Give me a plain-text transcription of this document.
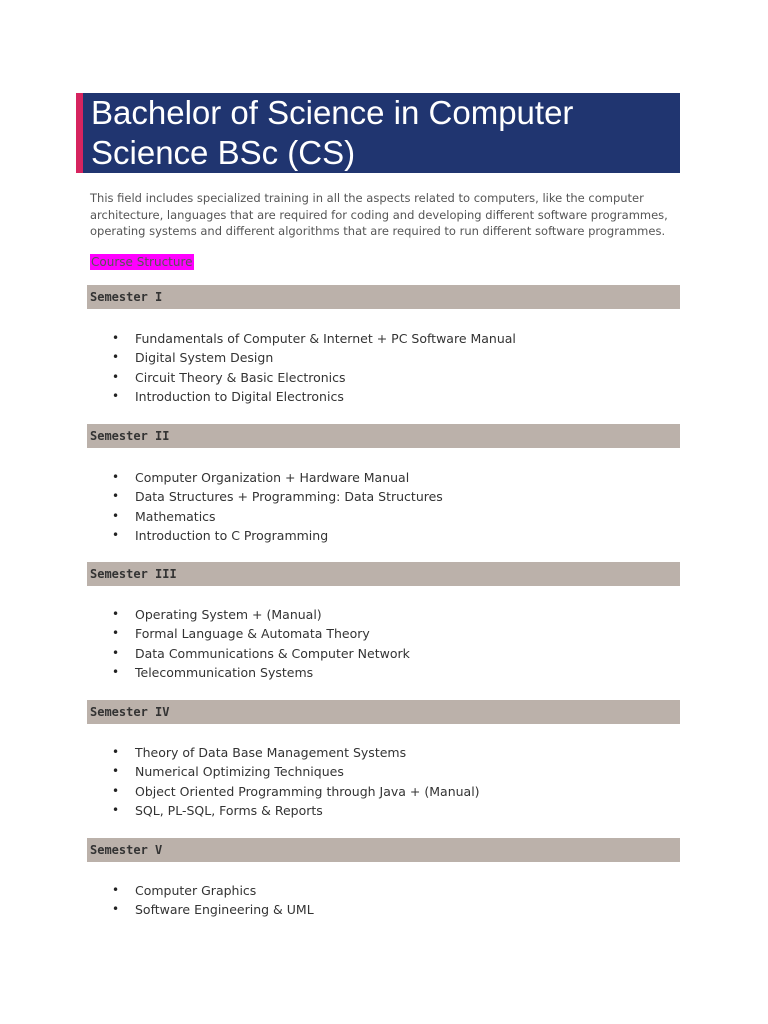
Bachelor of Science in Computer Science BSc (CS)

This field includes specialized training in all the aspects related to computers, like the computer architecture, languages that are required for coding and developing different software programmes, operating systems and different algorithms that are required to run different software programmes.

Course Structure
Semester I
• Fundamentals of Computer & Internet + PC Software Manual
• Digital System Design
• Circuit Theory & Basic Electronics
• Introduction to Digital Electronics
Semester II
• Computer Organization + Hardware Manual
• Data Structures + Programming: Data Structures
• Mathematics
• Introduction to C Programming
Semester III
• Operating System + (Manual)
• Formal Language & Automata Theory
• Data Communications & Computer Network
• Telecommunication Systems
Semester IV
• Theory of Data Base Management Systems
• Numerical Optimizing Techniques
• Object Oriented Programming through Java + (Manual)
• SQL, PL-SQL, Forms & Reports
Semester V
• Computer Graphics
• Software Engineering & UML
